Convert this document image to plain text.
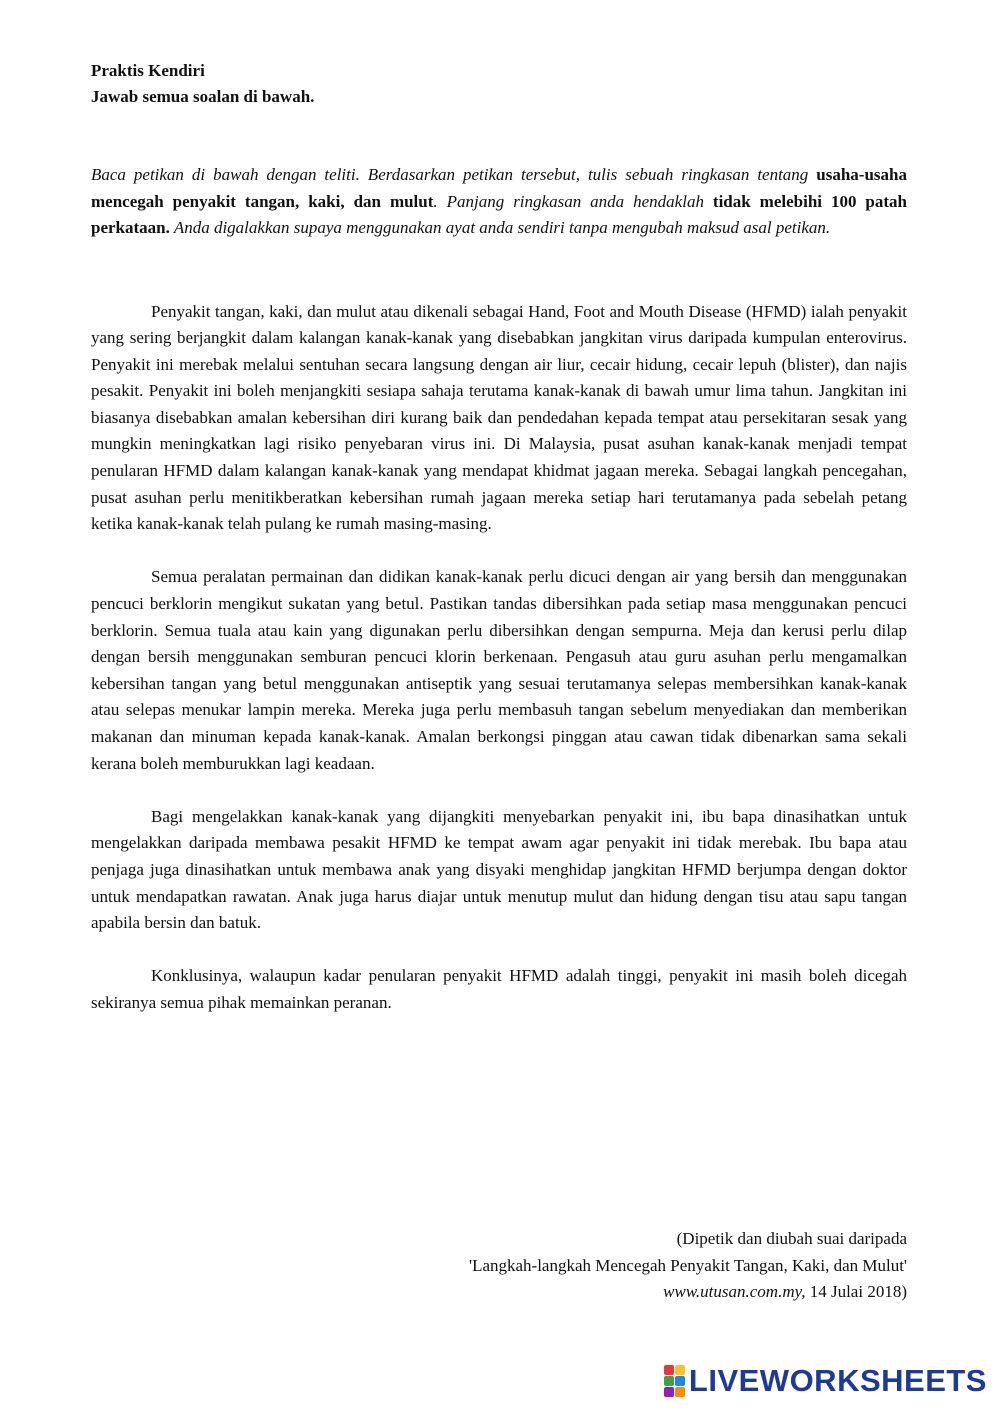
Praktis Kendiri

Jawab semua soalan di bawah.

Baca petikan di bawah dengan teliti. Berdasarkan petikan tersebut, tulis sebuah ringkasan tentang usaha-usaha mencegah penyakit tangan, kaki, dan mulut. Panjang ringkasan anda hendaklah tidak melebihi 100 patah perkataan. Anda digalakkan supaya menggunakan ayat anda sendiri tanpa mengubah maksud asal petikan.

Penyakit tangan, kaki, dan mulut atau dikenali sebagai Hand, Foot and Mouth Disease (HFMD) ialah penyakit yang sering berjangkit dalam kalangan kanak-kanak yang disebabkan jangkitan virus daripada kumpulan enterovirus. Penyakit ini merebak melalui sentuhan secara langsung dengan air liur, cecair hidung, cecair lepuh (blister), dan najis pesakit. Penyakit ini boleh menjangkiti sesiapa sahaja terutama kanak-kanak di bawah umur lima tahun. Jangkitan ini biasanya disebabkan amalan kebersihan diri kurang baik dan pendedahan kepada tempat atau persekitaran sesak yang mungkin meningkatkan lagi risiko penyebaran virus ini. Di Malaysia, pusat asuhan kanak-kanak menjadi tempat penularan HFMD dalam kalangan kanak-kanak yang mendapat khidmat jagaan mereka. Sebagai langkah pencegahan, pusat asuhan perlu menitikberatkan kebersihan rumah jagaan mereka setiap hari terutamanya pada sebelah petang ketika kanak-kanak telah pulang ke rumah masing-masing.

Semua peralatan permainan dan didikan kanak-kanak perlu dicuci dengan air yang bersih dan menggunakan pencuci berklorin mengikut sukatan yang betul. Pastikan tandas dibersihkan pada setiap masa menggunakan pencuci berklorin. Semua tuala atau kain yang digunakan perlu dibersihkan dengan sempurna. Meja dan kerusi perlu dilap dengan bersih menggunakan semburan pencuci klorin berkenaan. Pengasuh atau guru asuhan perlu mengamalkan kebersihan tangan yang betul menggunakan antiseptik yang sesuai terutamanya selepas membersihkan kanak-kanak atau selepas menukar lampin mereka. Mereka juga perlu membasuh tangan sebelum menyediakan dan memberikan makanan dan minuman kepada kanak-kanak. Amalan berkongsi pinggan atau cawan tidak dibenarkan sama sekali kerana boleh memburukkan lagi keadaan.

Bagi mengelakkan kanak-kanak yang dijangkiti menyebarkan penyakit ini, ibu bapa dinasihatkan untuk mengelakkan daripada membawa pesakit HFMD ke tempat awam agar penyakit ini tidak merebak. Ibu bapa atau penjaga juga dinasihatkan untuk membawa anak yang disyaki menghidap jangkitan HFMD berjumpa dengan doktor untuk mendapatkan rawatan. Anak juga harus diajar untuk menutup mulut dan hidung dengan tisu atau sapu tangan apabila bersin dan batuk.

Konklusinya, walaupun kadar penularan penyakit HFMD adalah tinggi, penyakit ini masih boleh dicegah sekiranya semua pihak memainkan peranan.

(Dipetik dan diubah suai daripada
'Langkah-langkah Mencegah Penyakit Tangan, Kaki, dan Mulut'
www.utusan.com.my, 14 Julai 2018)
LIVEWORKSHEETS
